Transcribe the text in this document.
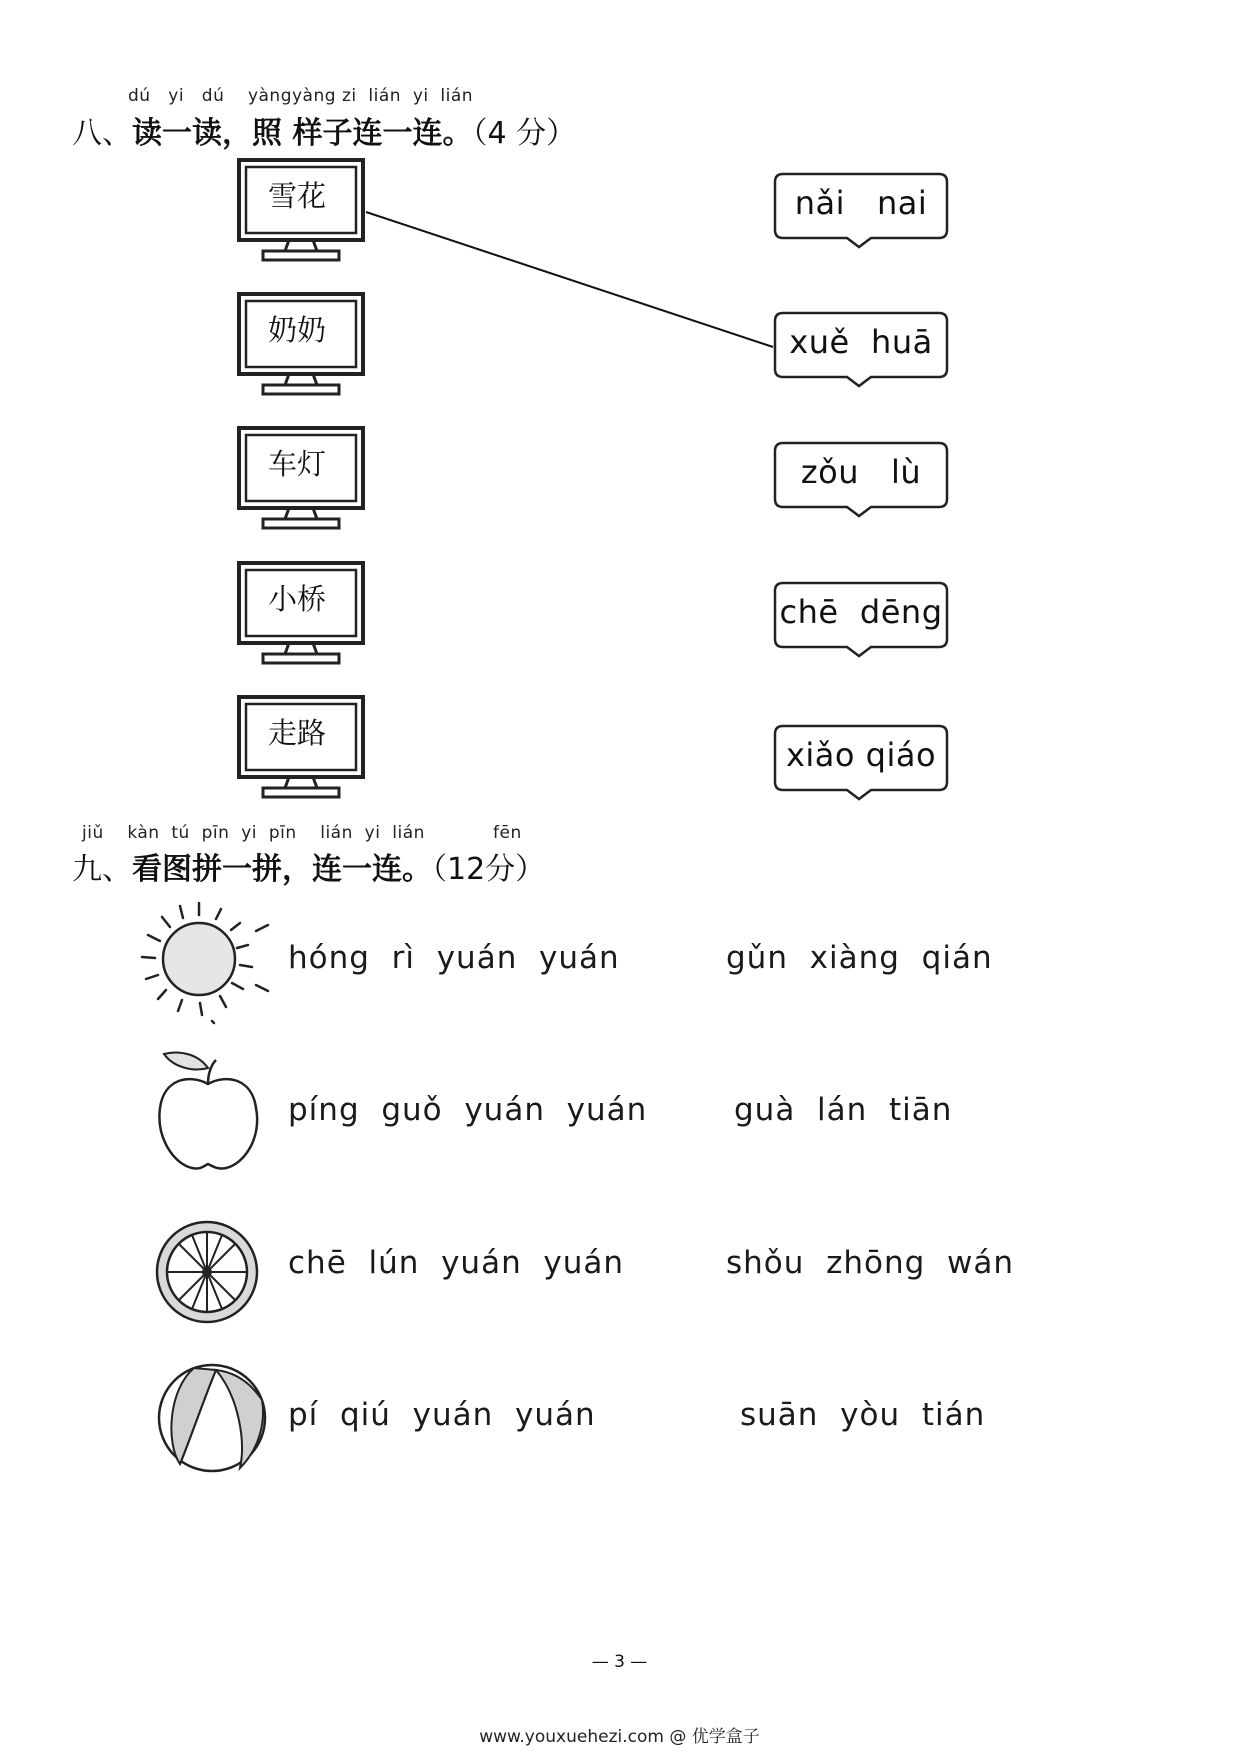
dú   yi   dú    yàngyàng zi  lián  yi  lián
八、读一读，照 样子连一连。（4 分）
雪花
奶奶
车灯
小桥
走路
nǎi   nai
xuě  huā
zǒu   lù
chē  dēng
xiǎo qiáo
jiǔ    kàn  tú  pīn  yi  pīn    lián  yi  lián	fēn
九、看图拼一拼，连一连。（12分）
hóng  rì  yuán  yuán
píng  guǒ  yuán  yuán
chē  lún  yuán  yuán
pí  qiú  yuán  yuán
gǔn  xiàng  qián
guà  lán  tiān
shǒu  zhōng  wán
suān  yòu  tián
— 3 —
www.youxuehezi.com @ 优学盒子
